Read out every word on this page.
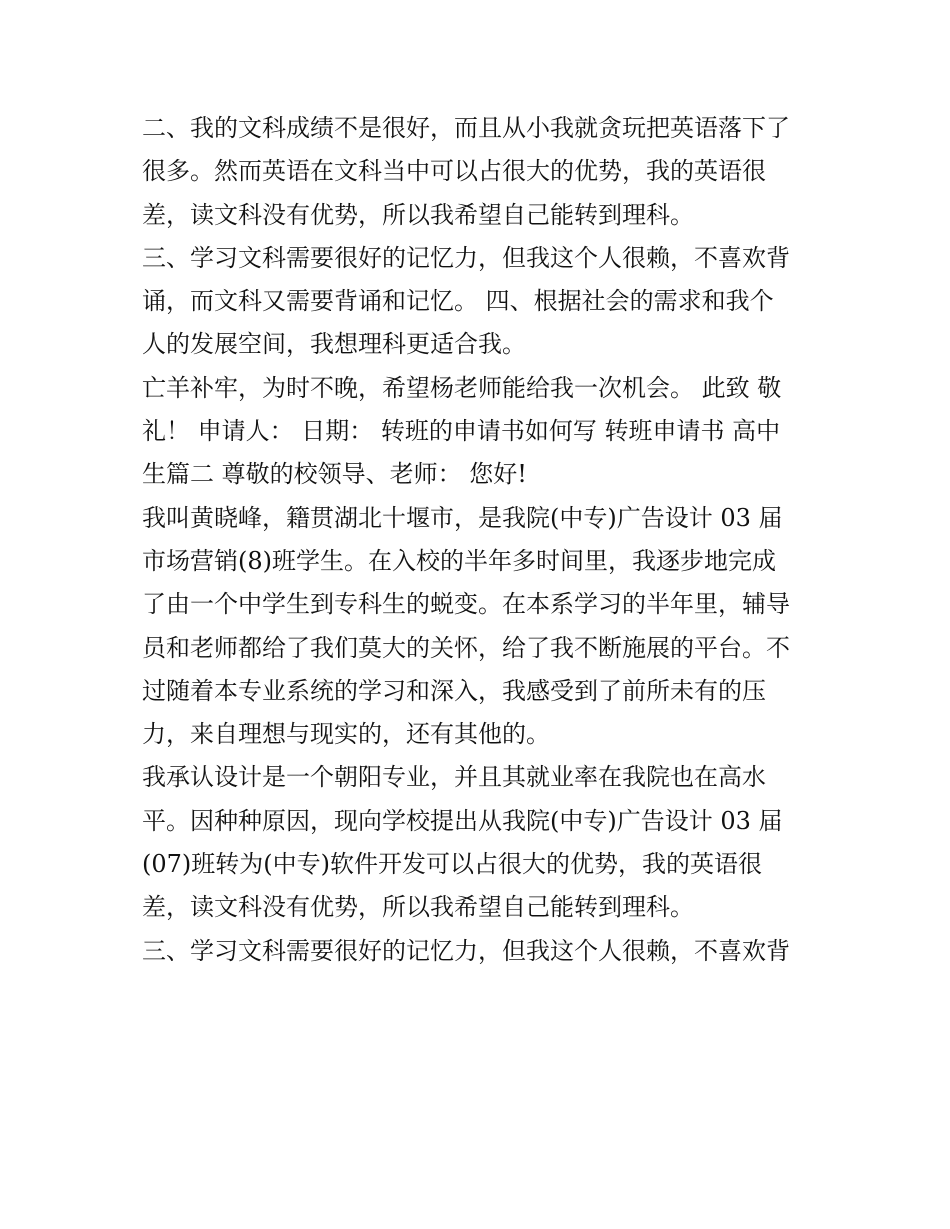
二、我的文科成绩不是很好，而且从小我就贪玩把英语落下了
很多。然而英语在文科当中可以占很大的优势，我的英语很
差，读文科没有优势，所以我希望自己能转到理科。
三、学习文科需要很好的记忆力，但我这个人很赖，不喜欢背
诵，而文科又需要背诵和记忆。 四、根据社会的需求和我个
人的发展空间，我想理科更适合我。
亡羊补牢，为时不晚，希望杨老师能给我一次机会。 此致 敬
礼！ 申请人： 日期： 转班的申请书如何写 转班申请书 高中
生篇二 尊敬的校领导、老师： 您好!
我叫黄晓峰，籍贯湖北十堰市，是我院(中专)广告设计 03 届
市场营销(8)班学生。在入校的半年多时间里，我逐步地完成
了由一个中学生到专科生的蜕变。在本系学习的半年里，辅导
员和老师都给了我们莫大的关怀，给了我不断施展的平台。不
过随着本专业系统的学习和深入，我感受到了前所未有的压
力，来自理想与现实的，还有其他的。
我承认设计是一个朝阳专业，并且其就业率在我院也在高水
平。因种种原因，现向学校提出从我院(中专)广告设计 03 届
(07)班转为(中专)软件开发可以占很大的优势，我的英语很
差，读文科没有优势，所以我希望自己能转到理科。
三、学习文科需要很好的记忆力，但我这个人很赖，不喜欢背
